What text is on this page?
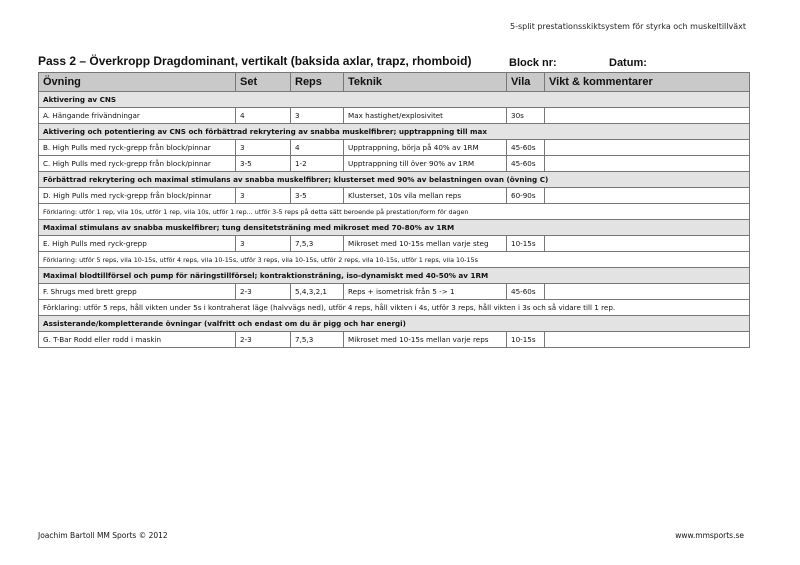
5-split prestationsskiktsystem för styrka och muskeltillväxt
Pass 2 – Överkropp Dragdominant, vertikalt (baksida axlar, trapz, rhomboid)	Block nr:	Datum:
Övning	Set	Reps	Teknik	Vila	Vikt & kommentarer
Aktivering av CNS					
A. Hängande frivändningar	4	3	Max hastighet/explosivitet	30s	
Aktivering och potentiering av CNS och förbättrad rekrytering av snabba muskelfibrer; upptrappning till max					
B. High Pulls med ryck-grepp från block/pinnar	3	4	Upptrappning, börja på 40% av 1RM	45-60s	
C. High Pulls med ryck-grepp från block/pinnar	3-5	1-2	Upptrappning till över 90% av 1RM	45-60s	
Förbättrad rekrytering och maximal stimulans av snabba muskelfibrer; klusterset med 90% av belastningen ovan (övning C)					
D. High Pulls med ryck-grepp från block/pinnar	3	3-5	Klusterset, 10s vila mellan reps	60-90s	
Förklaring: utför 1 rep, vila 10s, utför 1 rep, vila 10s, utför 1 rep... utför 3-5 reps på detta sätt beroende på prestation/form för dagen					
Maximal stimulans av snabba muskelfibrer; tung densitetsträning med mikroset med 70-80% av 1RM					
E. High Pulls med ryck-grepp	3	7,5,3	Mikroset med 10-15s mellan varje steg	10-15s	
Förklaring: utför 5 reps, vila 10-15s, utför 4 reps, vila 10-15s, utför 3 reps, vila 10-15s, utför 2 reps, vila 10-15s, utför 1 reps, vila 10-15s					
Maximal blodtillförsel och pump för näringstillförsel; kontraktionsträning, iso-dynamiskt med 40-50% av 1RM					
F. Shrugs med brett grepp	2-3	5,4,3,2,1	Reps + isometrisk från 5 -> 1	45-60s	
Förklaring: utför 5 reps, håll vikten under 5s i kontraherat läge (halvvägs ned), utför 4 reps, håll vikten i 4s, utför 3 reps, håll vikten i 3s och så vidare till 1 rep.					
Assisterande/kompletterande övningar (valfritt och endast om du är pigg och har energi)					
G. T-Bar Rodd eller rodd i maskin	2-3	7,5,3	Mikroset med 10-15s mellan varje reps	10-15s	
Joachim Bartoll MM Sports © 2012	www.mmsports.se
